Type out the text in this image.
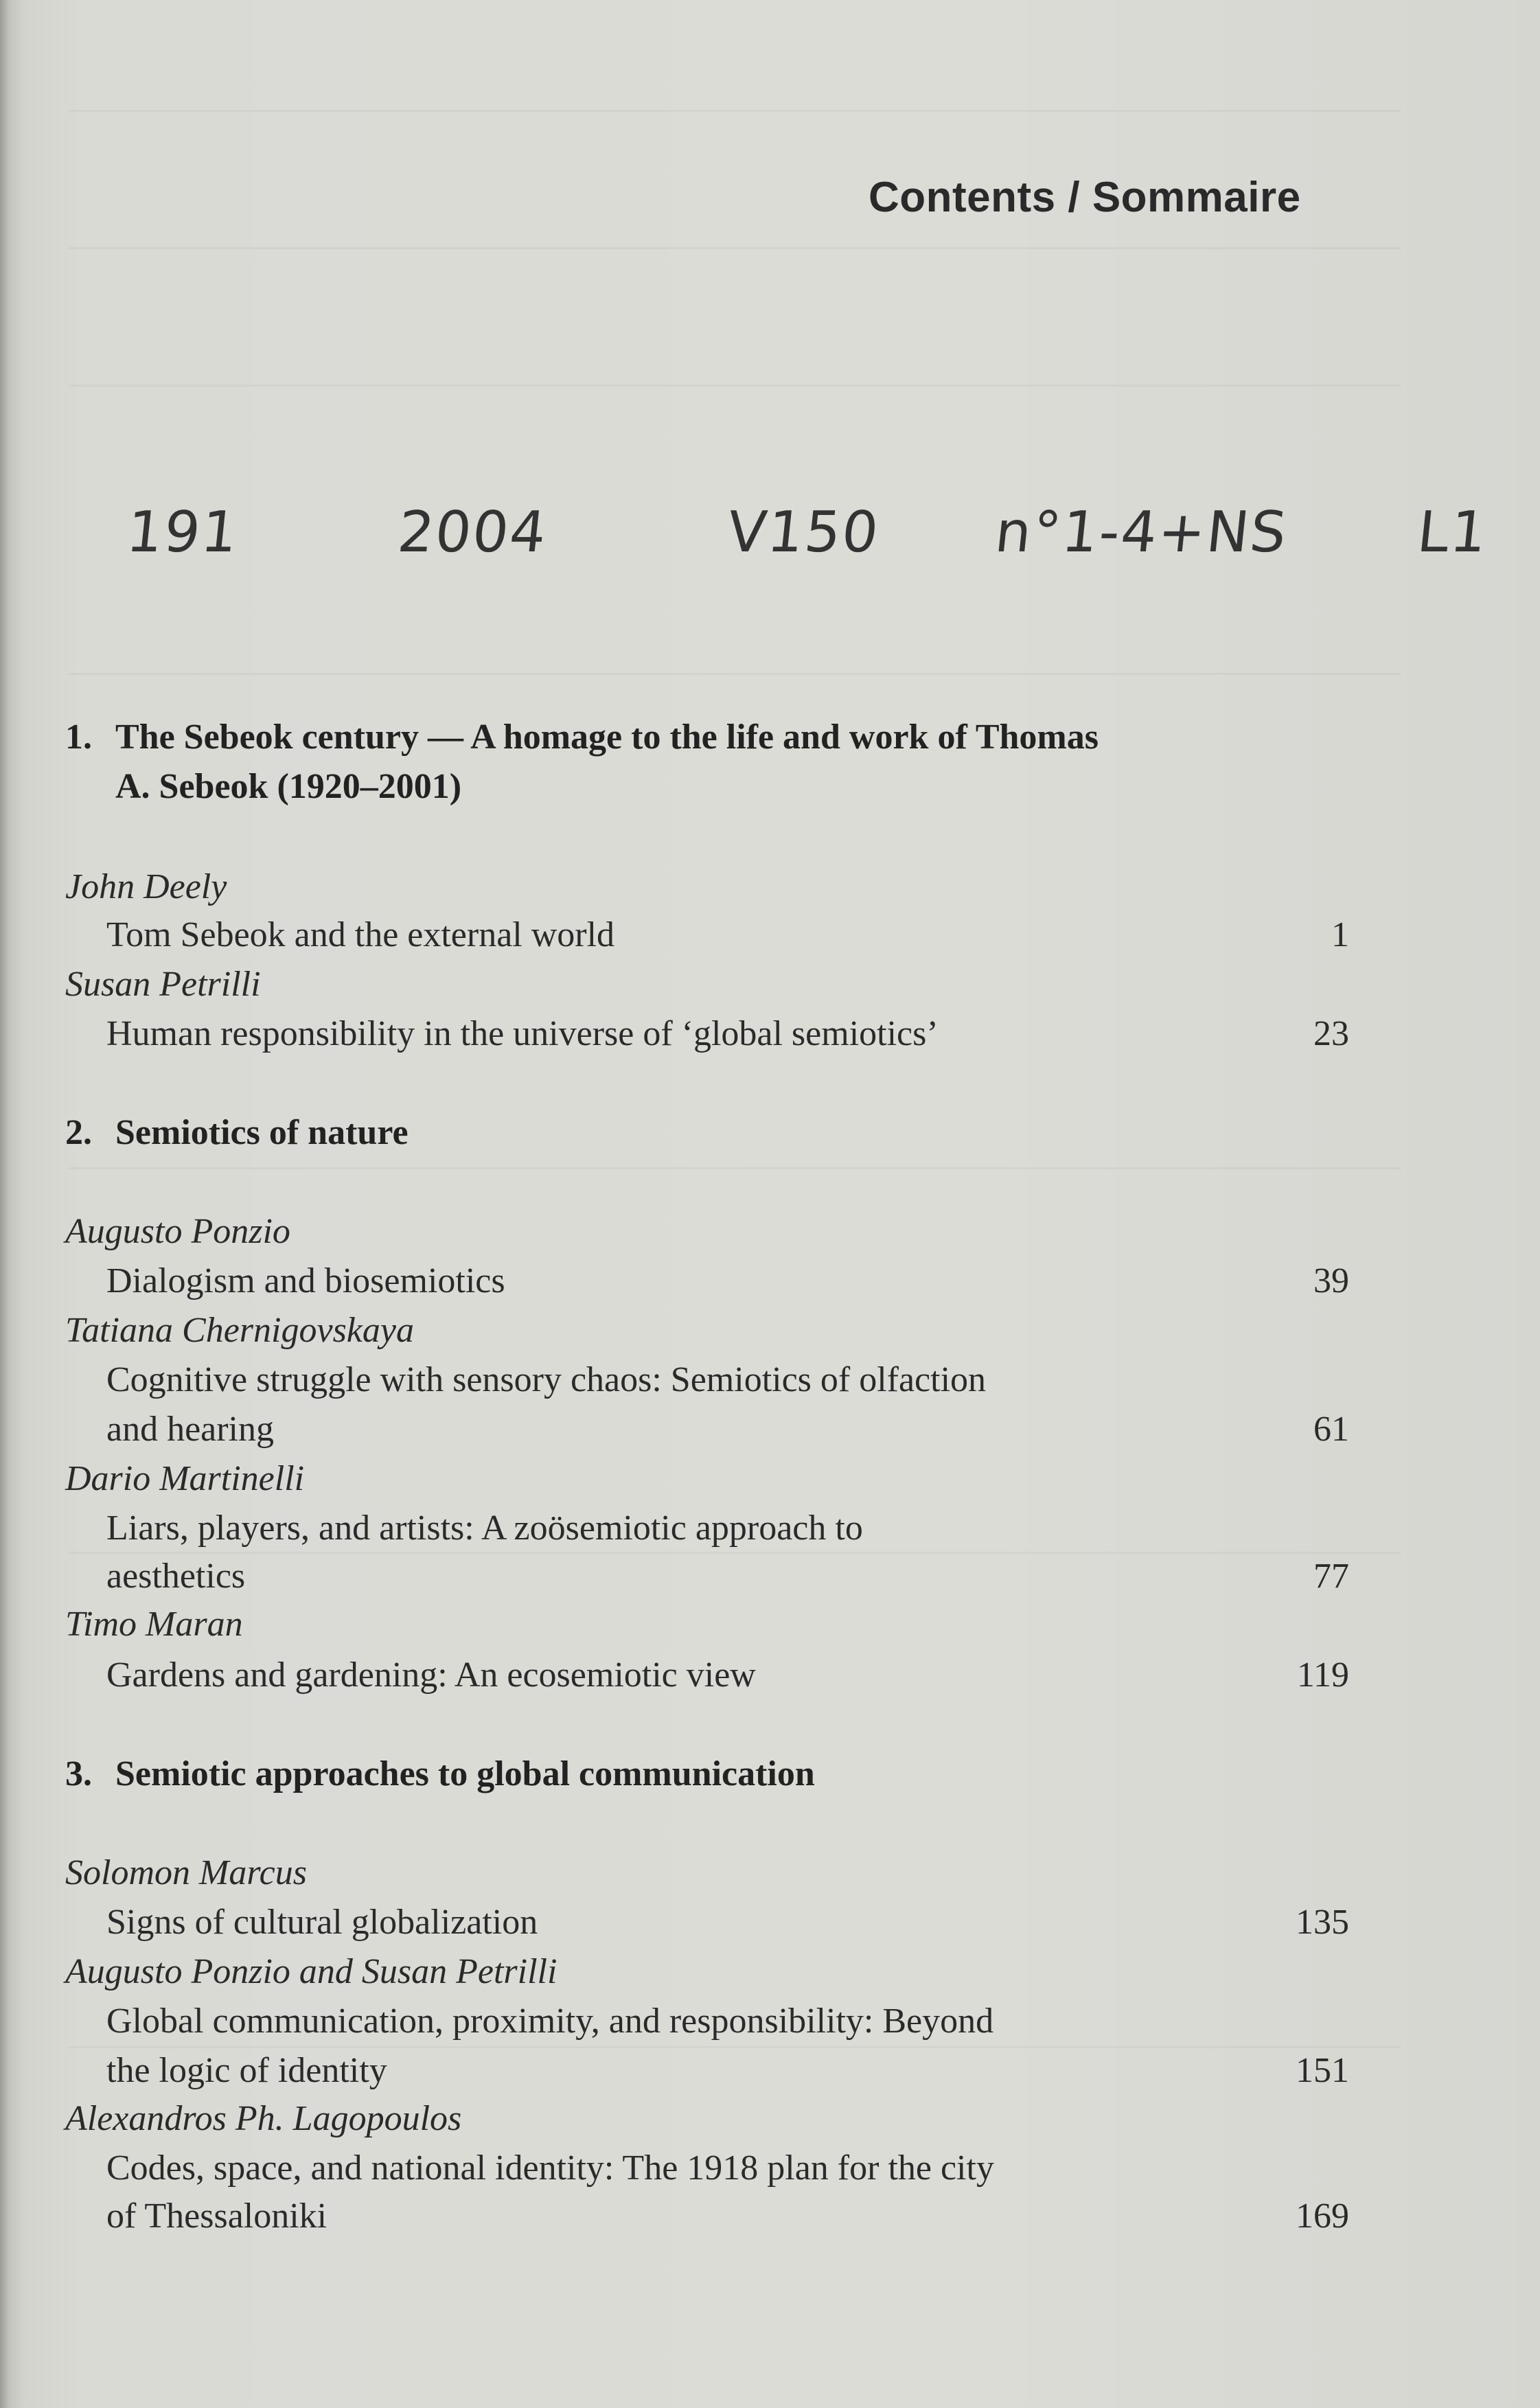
Contents / Sommaire
191	2004	V150 n°1-4+NS L1
1. The Sebeok century — A homage to the life and work of Thomas
A. Sebeok (1920–2001)
John Deely
Tom Sebeok and the external world	1
Susan Petrilli
Human responsibility in the universe of ‘global semiotics’	23
2. Semiotics of nature
Augusto Ponzio
Dialogism and biosemiotics	39
Tatiana Chernigovskaya
Cognitive struggle with sensory chaos: Semiotics of olfaction
and hearing	61
Dario Martinelli
Liars, players, and artists: A zoösemiotic approach to
aesthetics	77
Timo Maran
Gardens and gardening: An ecosemiotic view	119
3. Semiotic approaches to global communication
Solomon Marcus
Signs of cultural globalization	135
Augusto Ponzio and Susan Petrilli
Global communication, proximity, and responsibility: Beyond
the logic of identity	151
Alexandros Ph. Lagopoulos
Codes, space, and national identity: The 1918 plan for the city
of Thessaloniki	169
